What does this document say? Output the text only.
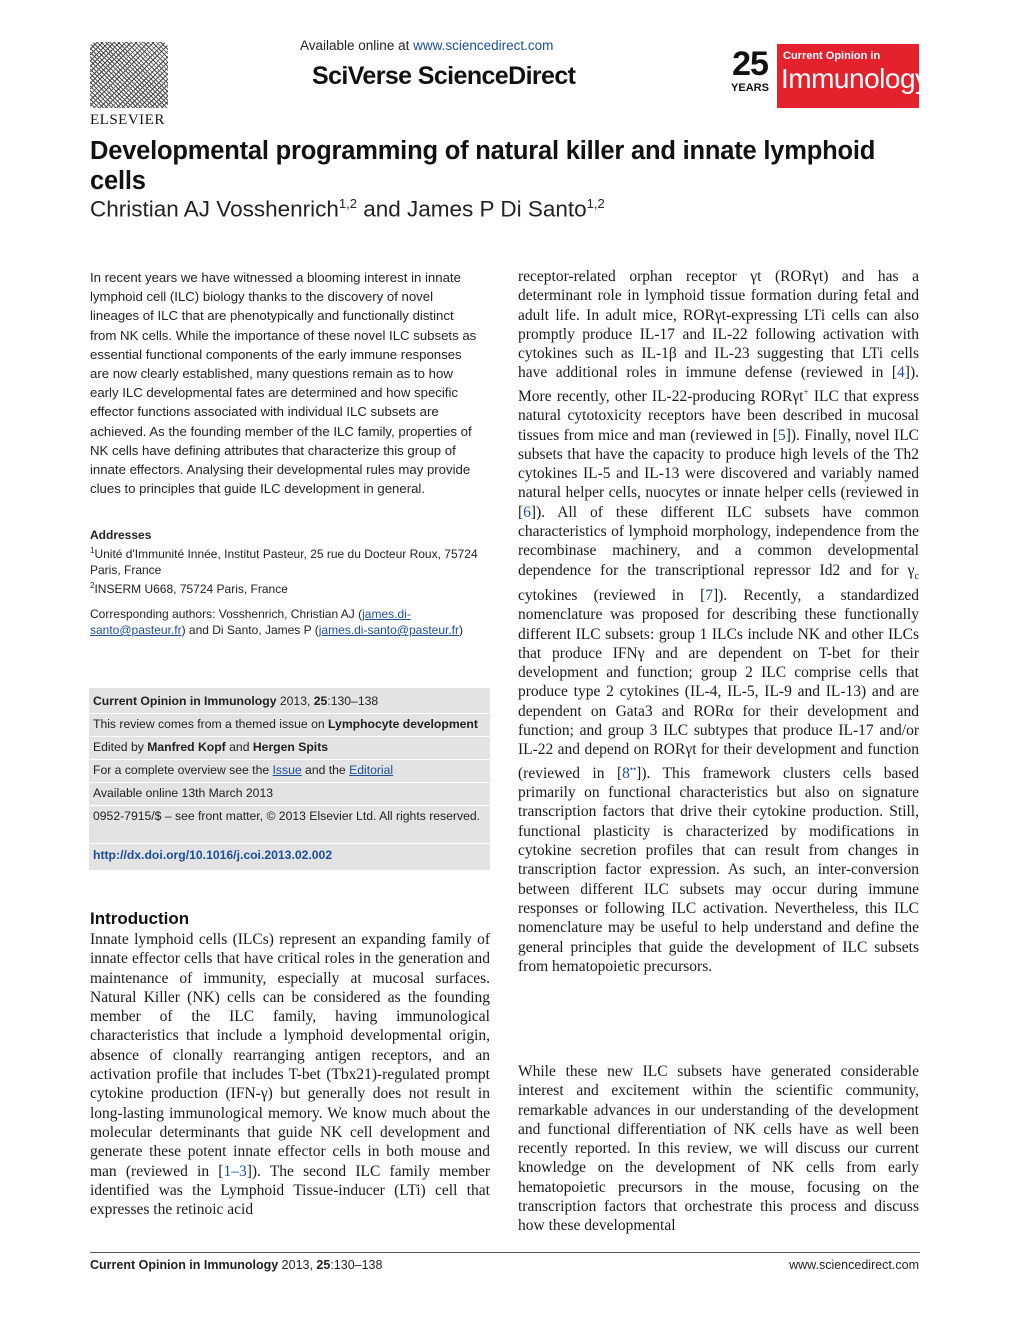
ELSEVIER
Available online at www.sciencedirect.com
SciVerse ScienceDirect	25
YEARS
Current Opinion in
Immunology
Developmental programming of natural killer and innate lymphoid cells
Christian AJ Vosshenrich$^{1,2}$ and James P Di Santo$^{1,2}$
In recent years we have witnessed a blooming interest in innate lymphoid cell (ILC) biology thanks to the discovery of novel lineages of ILC that are phenotypically and functionally distinct from NK cells. While the importance of these novel ILC subsets as essential functional components of the early immune responses are now clearly established, many questions remain as to how early ILC developmental fates are determined and how specific effector functions associated with individual ILC subsets are achieved. As the founding member of the ILC family, properties of NK cells have defining attributes that characterize this group of innate effectors. Analysing their developmental rules may provide clues to principles that guide ILC development in general.
Addresses
$^1$Unité d'Immunité Innée, Institut Pasteur, 25 rue du Docteur Roux, 75724 Paris, France
$^2$INSERM U668, 75724 Paris, France
Corresponding authors: Vosshenrich, Christian AJ (james.di-santo@pasteur.fr) and Di Santo, James P (james.di-santo@pasteur.fr)
Current Opinion in Immunology 2013, 25:130–138
This review comes from a themed issue on Lymphocyte development
Edited by Manfred Kopf and Hergen Spits
For a complete overview see the Issue and the Editorial
Available online 13th March 2013
0952-7915/$ – see front matter, © 2013 Elsevier Ltd. All rights reserved.
http://dx.doi.org/10.1016/j.coi.2013.02.002
Introduction
Innate lymphoid cells (ILCs) represent an expanding family of innate effector cells that have critical roles in the generation and maintenance of immunity, especially at mucosal surfaces. Natural Killer (NK) cells can be considered as the founding member of the ILC family, having immunological characteristics that include a lymphoid developmental origin, absence of clonally rearranging antigen receptors, and an activation profile that includes T-bet (Tbx21)-regulated prompt cytokine production (IFN-γ) but generally does not result in long-lasting immunological memory. We know much about the molecular determinants that guide NK cell development and generate these potent innate effector cells in both mouse and man (reviewed in [1–3]). The second ILC family member identified was the Lymphoid Tissue-inducer (LTi) cell that expresses the retinoic acid
receptor-related orphan receptor γt (RORγt) and has a determinant role in lymphoid tissue formation during fetal and adult life. In adult mice, RORγt-expressing LTi cells can also promptly produce IL-17 and IL-22 following activation with cytokines such as IL-1β and IL-23 suggesting that LTi cells have additional roles in immune defense (reviewed in [4]). More recently, other IL-22-producing RORγt+ ILC that express natural cytotoxicity receptors have been described in mucosal tissues from mice and man (reviewed in [5]). Finally, novel ILC subsets that have the capacity to produce high levels of the Th2 cytokines IL-5 and IL-13 were discovered and variably named natural helper cells, nuocytes or innate helper cells (reviewed in [6]). All of these different ILC subsets have common characteristics of lymphoid morphology, independence from the recombinase machinery, and a common developmental dependence for the transcriptional repressor Id2 and for $\gamma_c$ cytokines (reviewed in [7]). Recently, a standardized nomenclature was proposed for describing these functionally different ILC subsets: group 1 ILCs include NK and other ILCs that produce IFNγ and are dependent on T-bet for their development and function; group 2 ILC comprise cells that produce type 2 cytokines (IL-4, IL-5, IL-9 and IL-13) and are dependent on Gata3 and RORα for their development and function; and group 3 ILC subtypes that produce IL-17 and/or IL-22 and depend on RORγt for their development and function (reviewed in [8••]). This framework clusters cells based primarily on functional characteristics but also on signature transcription factors that drive their cytokine production. Still, functional plasticity is characterized by modifications in cytokine secretion profiles that can result from changes in transcription factor expression. As such, an inter-conversion between different ILC subsets may occur during immune responses or following ILC activation. Nevertheless, this ILC nomenclature may be useful to help understand and define the general principles that guide the development of ILC subsets from hematopoietic precursors.
While these new ILC subsets have generated considerable interest and excitement within the scientific community, remarkable advances in our understanding of the development and functional differentiation of NK cells have as well been recently reported. In this review, we will discuss our current knowledge on the development of NK cells from early hematopoietic precursors in the mouse, focusing on the transcription factors that orchestrate this process and discuss how these developmental
Current Opinion in Immunology 2013, 25:130–138	www.sciencedirect.com
